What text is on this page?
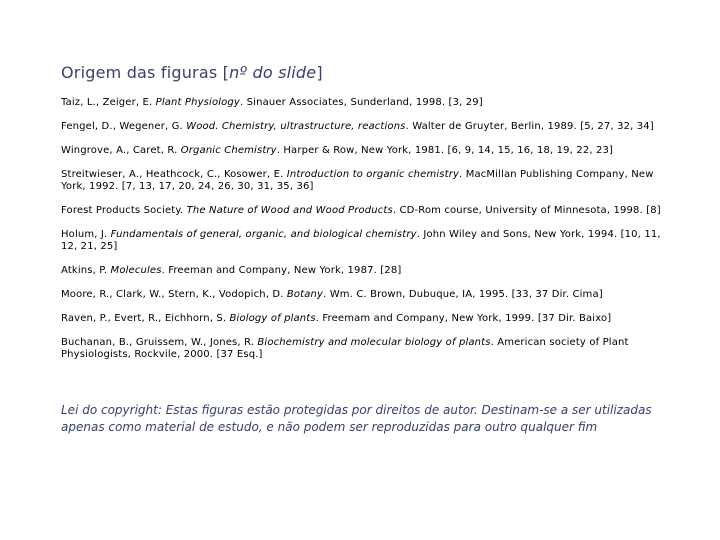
Origem das figuras [nº do slide]

Taiz, L., Zeiger, E. Plant Physiology. Sinauer Associates, Sunderland, 1998. [3, 29]

Fengel, D., Wegener, G. Wood. Chemistry, ultrastructure, reactions. Walter de Gruyter, Berlin, 1989. [5, 27, 32, 34]

Wingrove, A., Caret, R. Organic Chemistry. Harper & Row, New York, 1981. [6, 9, 14, 15, 16, 18, 19, 22, 23]

Streitwieser, A., Heathcock, C., Kosower, E. Introduction to organic chemistry. MacMillan Publishing Company, New York, 1992. [7, 13, 17, 20, 24, 26, 30, 31, 35, 36]

Forest Products Society. The Nature of Wood and Wood Products. CD-Rom course, University of Minnesota, 1998. [8]

Holum, J. Fundamentals of general, organic, and biological chemistry. John Wiley and Sons, New York, 1994. [10, 11, 12, 21, 25]

Atkins, P. Molecules. Freeman and Company, New York, 1987. [28]

Moore, R., Clark, W., Stern, K., Vodopich, D. Botany. Wm. C. Brown, Dubuque, IA, 1995. [33, 37 Dir. Cima]

Raven, P., Evert, R., Eichhorn, S. Biology of plants. Freemam and Company, New York, 1999. [37 Dir. Baixo]

Buchanan, B., Gruissem, W., Jones, R. Biochemistry and molecular biology of plants. American society of Plant Physiologists, Rockvile, 2000. [37 Esq.]

Lei do copyright: Estas figuras estão protegidas por direitos de autor. Destinam-se a ser utilizadas apenas como material de estudo, e não podem ser reproduzidas para outro qualquer fim
